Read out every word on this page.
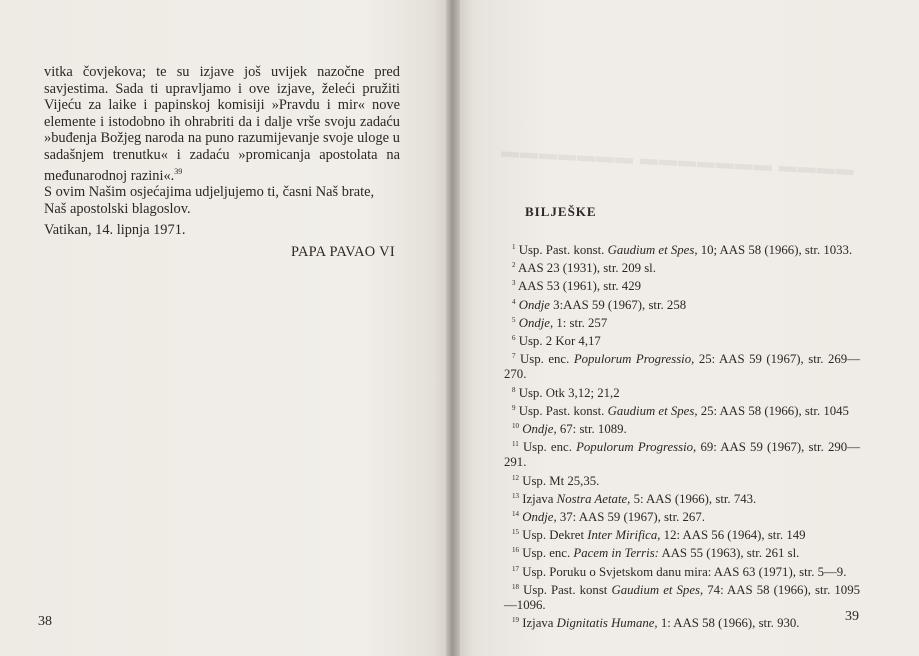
vitka čovjekova; te su izjave još uvijek nazočne pred savjestima. Sada ti upravljamo i ove izjave, želeći pružiti Vijeću za laike i papinskoj komisiji »Pravdu i mir« nove elemente i istodobno ih ohrabriti da i dalje vrše svoju zadaću »buđenja Božjeg naroda na puno razumijevanje svoje uloge u sadašnjem trenutku« i zadaću »promicanja apostolata na međunarodnoj razini«.$^{39}$

S ovim Našim osjećajima udjeljujemo ti, časni Naš brate, Naš apostolski blagoslov.

Vatikan, 14. lipnja 1971.
PAPA PAVAO VI
38
▬▬▬▬ ▬▬▬▬▬▬▬ ▬▬▬▬▬▬▬
BILJEŠKE

$^1$ Usp. Past. konst. Gaudium et Spes, 10; AAS 58 (1966), str. 1033.

$^2$ AAS 23 (1931), str. 209 sl.

$^3$ AAS 53 (1961), str. 429

$^4$ Ondje 3:AAS 59 (1967), str. 258

$^5$ Ondje, 1: str. 257

$^6$ Usp. 2 Kor 4,17

$^7$ Usp. enc. Populorum Progressio, 25: AAS 59 (1967), str. 269—270.

$^8$ Usp. Otk 3,12; 21,2

$^9$ Usp. Past. konst. Gaudium et Spes, 25: AAS 58 (1966), str. 1045

$^{10}$ Ondje, 67: str. 1089.

$^{11}$ Usp. enc. Populorum Progressio, 69: AAS 59 (1967), str. 290—291.

$^{12}$ Usp. Mt 25,35.

$^{13}$ Izjava Nostra Aetate, 5: AAS (1966), str. 743.

$^{14}$ Ondje, 37: AAS 59 (1967), str. 267.

$^{15}$ Usp. Dekret Inter Mirifica, 12: AAS 56 (1964), str. 149

$^{16}$ Usp. enc. Pacem in Terris: AAS 55 (1963), str. 261 sl.

$^{17}$ Usp. Poruku o Svjetskom danu mira: AAS 63 (1971), str. 5—9.

$^{18}$ Usp. Past. konst Gaudium et Spes, 74: AAS 58 (1966), str. 1095—1096.

$^{19}$ Izjava Dignitatis Humane, 1: AAS 58 (1966), str. 930.	39
